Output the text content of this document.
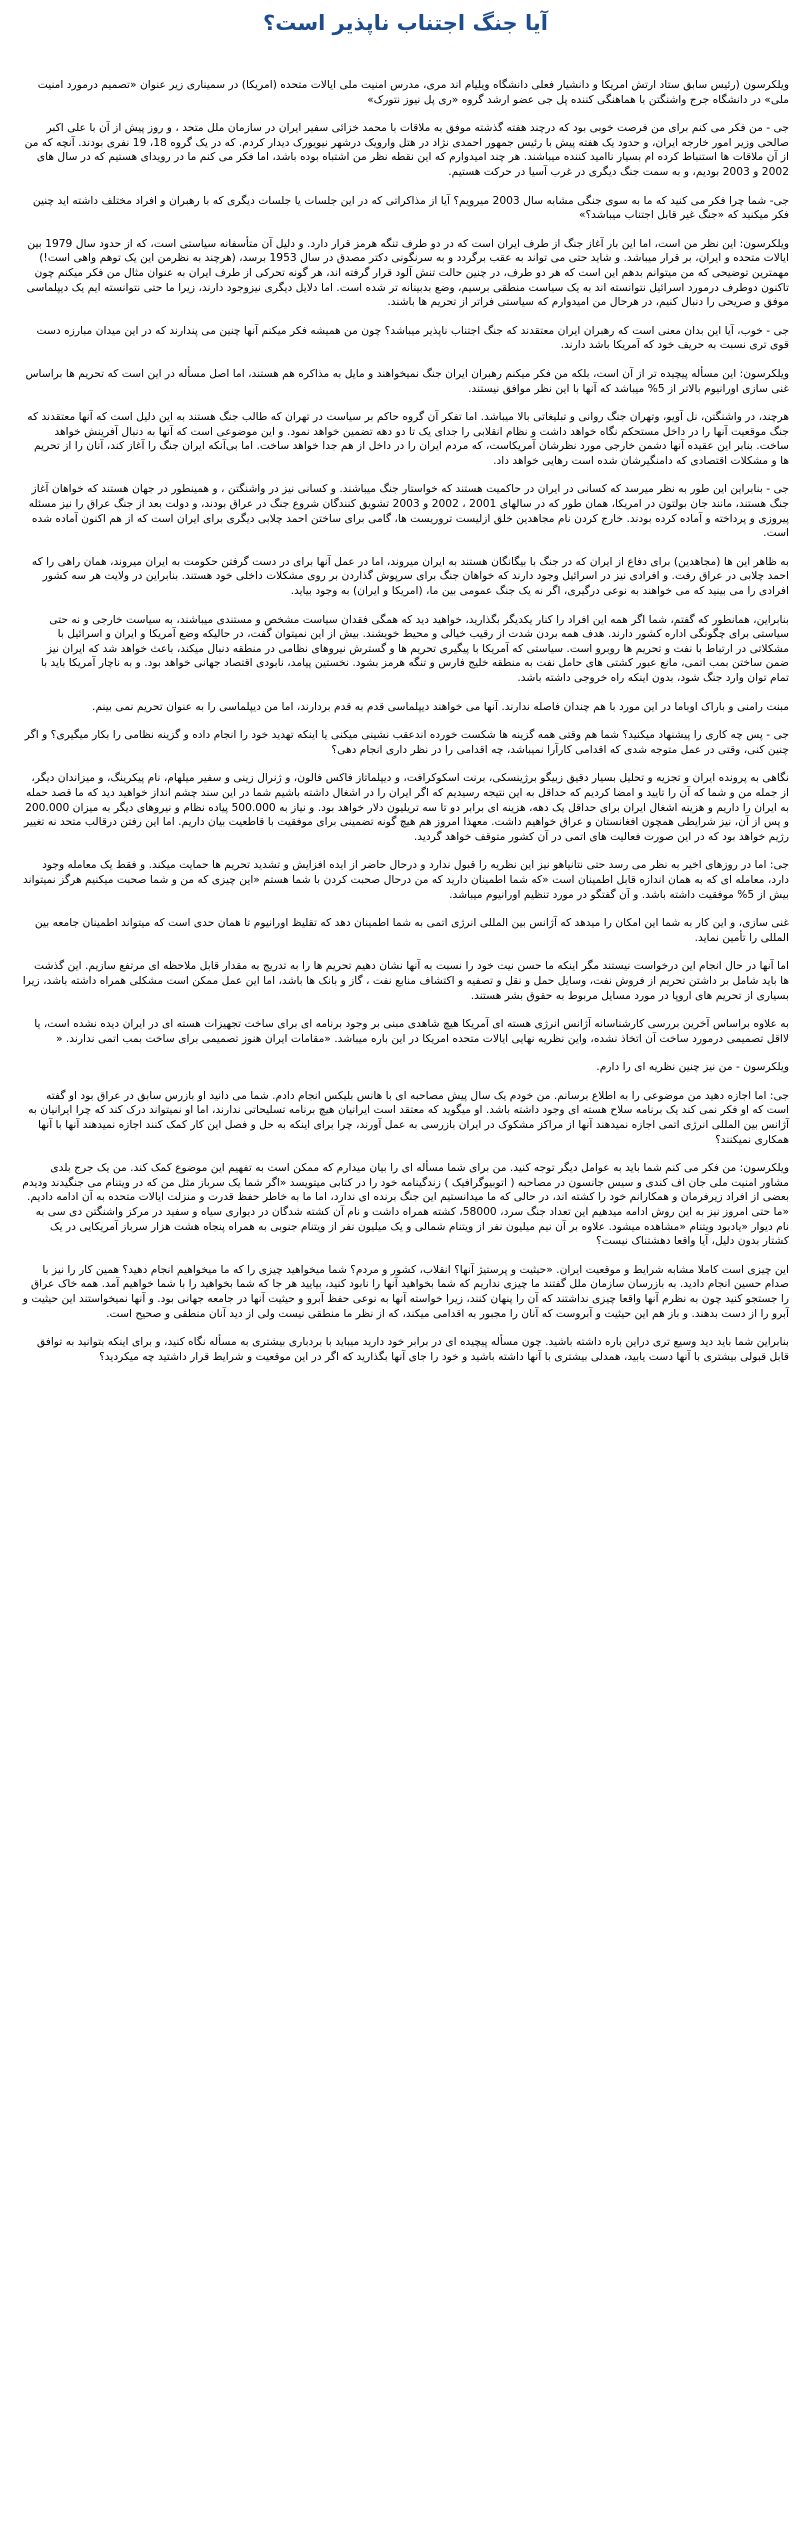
آیا جنگ اجتناب ناپذیر است؟

ویلکرسون (رئیس سابق ستاد ارتش امریکا و دانشیار فعلی دانشگاه ویلیام اند مری، مدرس امنیت ملی ایالات متحده (امریکا) در سمیناری زیر عنوان «تصمیم درمورد امنیت ملی» در دانشگاه جرج واشنگتن با هماهنگی کننده پل جی عضو ارشد گروه «ری پل نیوز نتورک»

جی - من فکر می کنم برای من فرصت خوبی بود که درچند هفته گذشته موفق به ملاقات با محمد خزائی سفیر ایران در سازمان ملل متحد ، و روز پیش از آن با علی اکبر صالحی وزیر امور خارجه ایران، و حدود یک هفته پیش با رئیس جمهور احمدی نژاد در هتل وارویک درشهر نیویورک دیدار کردم. که در یک گروه 18، 19 نفری بودند. آنچه که من از آن ملاقات ها استنباط کرده ام بسیار ناامید کننده میباشند. هر چند امیدوارم که این نقطه نظر من اشتباه بوده باشد، اما فکر می کنم ما در رویدای هستیم که در سال های 2002 و 2003 بودیم، و به سمت جنگ دیگری در غرب آسیا در حرکت هستیم.

جی- شما چرا فکر می کنید که ما به سوی جنگی مشابه سال 2003 میرویم؟ آیا از مذاکراتی که در این جلسات یا جلسات دیگری که با رهبران و افراد مختلف داشته اید چنین فکر میکنید که «جنگ غیر قابل اجتناب میباشد؟»

ویلکرسون: این نظر من است، اما این بار آغاز جنگ از طرف ایران است که در دو طرف تنگه هرمز قرار دارد. و دلیل آن متأسفانه سیاستی است، که از حدود سال 1979 بین ایالات متحده و ایران، بر قرار میباشد. و شاید حتی می تواند به عقب برگردد و به سرنگونی دکتر مصدق در سال 1953 برسد، (هرچند به نظرمن این یک توهم واهی است!) مهمترین توضیحی که من میتوانم بدهم این است که هر دو طرف، در چنین حالت تنش آلود قرار گرفته اند، هر گونه تحرکی از طرف ایران به عنوان مثال من فکر میکنم چون تاکنون دوطرف درمورد اسرائیل نتوانسته اند به یک سیاست منطقی برسیم، وضع بدبینانه تر شده است. اما دلایل دیگری نیزوجود دارند، زیرا ما حتی نتوانسته ایم یک دیپلماسی موفق و صریحی را دنبال کنیم، در هرحال من امیدوارم که سیاستی فراتر از تحریم ها باشند.

جی - خوب، آیا این بدان معنی است که رهبران ایران معتقدند که جنگ اجتناب ناپذیر میباشد؟ چون من همیشه فکر میکنم آنها چنین می پندارند که در این میدان مبارزه دست قوی تری نسبت به حریف خود که آمریکا باشد دارند.

ویلکرسون: این مسأله پیچیده تر از آن است، بلکه من فکر میکنم رهبران ایران جنگ نمیخواهند و مایل به مذاکره هم هستند، اما اصل مسأله در این است که تحریم ها براساس غنی سازی اورانیوم بالاتر از 5% میباشد که آنها با این نظر موافق نیستند.

هرچند، در واشنگتن، نل آویو، وتهران جنگ روانی و تبلیغاتی بالا میباشد. اما تفکر آن گروه حاکم بر سیاست در تهران که طالب جنگ هستند به این دلیل است که آنها معتقدند که جنگ موقعیت آنها را در داخل مستحکم نگاه خواهد داشت و نظام انقلابی را جدای یک تا دو دهه تضمین خواهد نمود. و این موضوعی است که آنها به دنبال آفرینش خواهد ساخت. بنابر این عقیده آنها دشمن خارجی مورد نظرشان آمریکاست، که مردم ایران را در داخل از هم جدا خواهد ساخت. اما بی‌آنکه ایران جنگ را آغاز کند، آنان را از تحریم ها و مشکلات اقتصادی که دامنگیرشان شده است رهایی خواهد داد.

جی - بنابراین این طور به نظر میرسد که کسانی در ایران در حاکمیت هستند که خواستار جنگ میباشند. و کسانی نیز در واشنگتن ، و همینطور در جهان هستند که خواهان آغاز جنگ هستند، مانند جان بولتون در امریکا، همان طور که در سالهای 2001 ، 2002 و 2003 تشویق کنندگان شروع جنگ در عراق بودند، و دولت بعد از جنگ عراق را نیز مسئله پیروزی و پرداخته و آماده کرده بودند. خارج کردن نام مجاهدین خلق ازلیست تروریست ها، گامی برای ساختن احمد چلابی دیگری برای ایران است که از هم اکنون آماده شده است.

به ظاهر این ها (مجاهدین) برای دفاع از ایران که در جنگ با بیگانگان هستند به ایران میروند، اما در عمل آنها برای در دست گرفتن حکومت به ایران میروند، همان راهی را که احمد چلابی در عراق رفت. و افرادی نیز در اسرائیل وجود دارند که خواهان جنگ برای سرپوش گذاردن بر روی مشکلات داخلی خود هستند. بنابراین در ولایت هر سه کشور افرادی را می بینید که می خواهند به نوعی درگیری، اگر نه یک جنگ عمومی بین ما، (امریکا و ایران) به وجود بیاید.

بنابراین، همانطور که گفتم، شما اگر همه این افراد را کنار یکدیگر بگذارید، خواهید دید که همگی فقدان سیاست مشخص و مستندی میباشند، به سیاست خارجی و نه حتی سیاستی برای چگونگی اداره کشور دارند. هدف همه بردن شدت از رقیب خیالی و محیط خویشند. بیش از این نمیتوان گفت، در حالیکه وضع آمریکا و ایران و اسرائیل با مشکلاتی در ارتباط با نفت و تحریم ها روبرو است. سیاستی که آمریکا با پیگیری تحریم ها و گسترش نیروهای نظامی در منطقه دنبال میکند، باعث خواهد شد که ایران نیز ضمن ساختن بمب اتمی، مانع عبور کشتی های حامل نفت به منطقه خلیج فارس و تنگه هرمز بشود. نخستین پیامد، نابودی اقتصاد جهانی خواهد بود. و به ناچار آمریکا باید با تمام توان وارد جنگ شود، بدون اینکه راه خروجی داشته باشد.

مبنت رامنی و باراک اوباما در این مورد با هم چندان فاصله ندارند. آنها می خواهند دیپلماسی قدم به قدم بردارند، اما من دیپلماسی را به عنوان تحریم نمی بینم.

جی - پس چه کاری را پیشنهاد میکنید؟ شما هم وقتی همه گزینه ها شکست خورده اندعقب نشینی میکنی یا اینکه تهدید خود را انجام داده و گزینه نظامی را بکار میگیری؟ و اگر چنین کنی، وقتی در عمل متوجه شدی که اقدامی کارآرا نمیباشد، چه اقدامی را در نظر داری انجام دهی؟

نگاهی به پرونده ایران و تجزیه و تحلیل بسیار دقیق زبیگو برژینسکی، برنت اسکوکرافت، و دیپلماتاز فاکس فالون، و ژنرال زینی و سفیر میلهام، نام پیکرینگ، و میزاندان دیگر، از جمله من و شما که آن را تایید و امضا کردیم که حداقل به این نتیجه رسیدیم که اگر ایران را در اشغال داشته باشیم شما در این سند چشم انداز خواهید دید که ما قصد حمله به ایران را داریم و هزینه اشغال ایران برای حداقل یک دهه، هزینه ای برابر دو تا سه تریلیون دلار خواهد بود. و نیاز به 500.000 پیاده نظام و نیروهای دیگر به میزان 200.000 و پس از آن، نیز شرایطی همچون افغانستان و عراق خواهیم داشت. معهذا امروز هم هیچ گونه تضمینی برای موفقیت با قاطعیت بیان داریم. اما این رفتن درقالب متحد نه تغییر رژیم خواهد بود که در این صورت فعالیت های اتمی در آن کشور متوقف خواهد گردید.

جی: اما در روزهای اخیر به نظر می رسد حتی نتانیاهو نیز این نظریه را قبول ندارد و درحال حاضر از ایده افزایش و تشدید تحریم ها حمایت میکند. و فقط یک معامله وجود دارد، معامله ای که به همان اندازه قابل اطمینان است «که شما اطمینان دارید که من درحال صحبت کردن با شما هستم «این چیزی که من و شما صحبت میکنیم هرگز نمیتواند بیش از 5% موفقیت داشته باشد. و آن گفتگو در مورد تنظیم اورانیوم میباشد.

غنی سازی، و این کار به شما این امکان را میدهد که آژانس بین المللی انرژی اتمی به شما اطمینان دهد که تقلیظ اورانیوم تا همان حدی است که میتواند اطمینان جامعه بین المللی را تأمین نماید.

اما آنها در حال انجام این درخواست نیستند مگر اینکه ما حسن نیت خود را نسبت به آنها نشان دهیم تحریم ها را به تدریج به مقدار قابل ملاحظه ای مرتفع سازیم. این گذشت ها باید شامل بر داشتن تحریم از فروش نفت، وسایل حمل و نقل و تصفیه و اکتشاف منابع نفت ، گاز و بانک ها باشد، اما این عمل ممکن است مشکلی همراه داشته باشد، زیرا بسیاری از تحریم های اروپا در مورد مسایل مربوط به حقوق بشر هستند.

به علاوه براساس آخرین بررسی کارشناسانه آژانس انرژی هسته ای آمریکا هیچ شاهدی مبنی بر وجود برنامه ای برای ساخت تجهیزات هسته ای در ایران دیده نشده است، یا لااقل تصمیمی درمورد ساخت آن اتخاذ نشده، واین نظریه نهایی ایالات متحده امریکا در این باره میباشد. «مقامات ایران هنوز تصمیمی برای ساخت بمب اتمی ندارند. «

ویلکرسون - من نیز چنین نظریه ای را دارم.

جی: اما اجازه دهید من موضوعی را به اطلاع برسانم. من خودم یک سال پیش مصاحبه ای با هانس بلیکس انجام دادم. شما می دانید او بازرس سابق در عراق بود او گفته است که او فکر نمی کند یک برنامه سلاح هسته ای وجود داشته باشد. او میگوید که معتقد است ایرانیان هیچ برنامه تسلیحاتی ندارند، اما او نمیتواند درک کند که چرا ایرانیان به آژانس بین المللی انرژی اتمی اجازه نمیدهند آنها از مراکز مشکوک در ایران بازرسی به عمل آورند، چرا برای اینکه به حل و فصل این کار کمک کنند اجازه نمیدهند آنها با آنها همکاری نمیکنند؟

ویلکرسون: من فکر می کنم شما باید به عوامل دیگر توجه کنید. من برای شما مسأله ای را بیان میدارم که ممکن است به تفهیم این موضوع کمک کند. من یک جرج بلدی مشاور امنیت ملی جان اف کندی و سیس جانسون در مصاحبه ( اتوبیوگرافیک ) زندگینامه خود را در کتابی میتویسد «اگر شما یک سرباز مثل من که در ویتنام می جنگیدند ودیدم بعضی از افراد زیرفرمان و همکارانم خود را کشته اند، در حالی که ما میدانستیم این جنگ برنده ای ندارد، اما ما به خاطر حفظ قدرت و منزلت ایالات متحده به آن ادامه دادیم. «ما حتی امروز نیز به این روش ادامه میدهیم این تعداد جنگ سرد، 58000، کشته همراه داشت و نام آن کشته شدگان در دیواری سیاه و سفید در مرکز واشنگتن دی سی به نام دیوار «یادبود ویتنام «مشاهده میشود. علاوه بر آن نیم میلیون نفر از ویتنام شمالی و یک میلیون نفر از ویتنام جنوبی به همراه پنجاه هشت هزار سرباز آمریکایی در یک کشتار بدون دلیل، آیا واقعا دهشتناک نیست؟

این چیزی است کاملا مشابه شرایط و موقعیت ایران. «حیثیت و پرستیژ آنها؟ انقلاب، کشور و مردم؟ شما میخواهید چیزی را که ما میخواهیم انجام دهید؟ همین کار را نیز با صدام حسین انجام دادید. به بازرسان سازمان ملل گفتند ما چیزی نداریم که شما بخواهید آنها را نابود کنید، بیایید هر جا که شما بخواهید را با شما خواهیم آمد. همه خاک عراق را جستجو کنید چون به نظرم آنها واقعا چیزی نداشتند که آن را پنهان کنند، زیرا خواسته آنها به نوعی حفظ آبرو و حیثیت آنها در جامعه جهانی بود. و آنها نمیخواستند این حیثیت و آبرو را از دست بدهند. و باز هم این حیثیت و آبروست که آنان را مجبور به اقدامی میکند، که از نظر ما منطقی نیست ولی از دید آنان منطقی و صحیح است.

بنابراین شما باید دید وسیع تری دراین باره داشته باشید. چون مسأله پیچیده ای در برابر خود دارید میباید با بردباری بیشتری به مسأله نگاه کنید، و برای اینکه بتوانید به توافق قابل قبولی بیشتری با آنها دست یابید، همدلی بیشتری با آنها داشته باشید و خود را جای آنها بگذارید که اگر در این موقعیت و شرایط قرار داشتید چه میکردید؟
